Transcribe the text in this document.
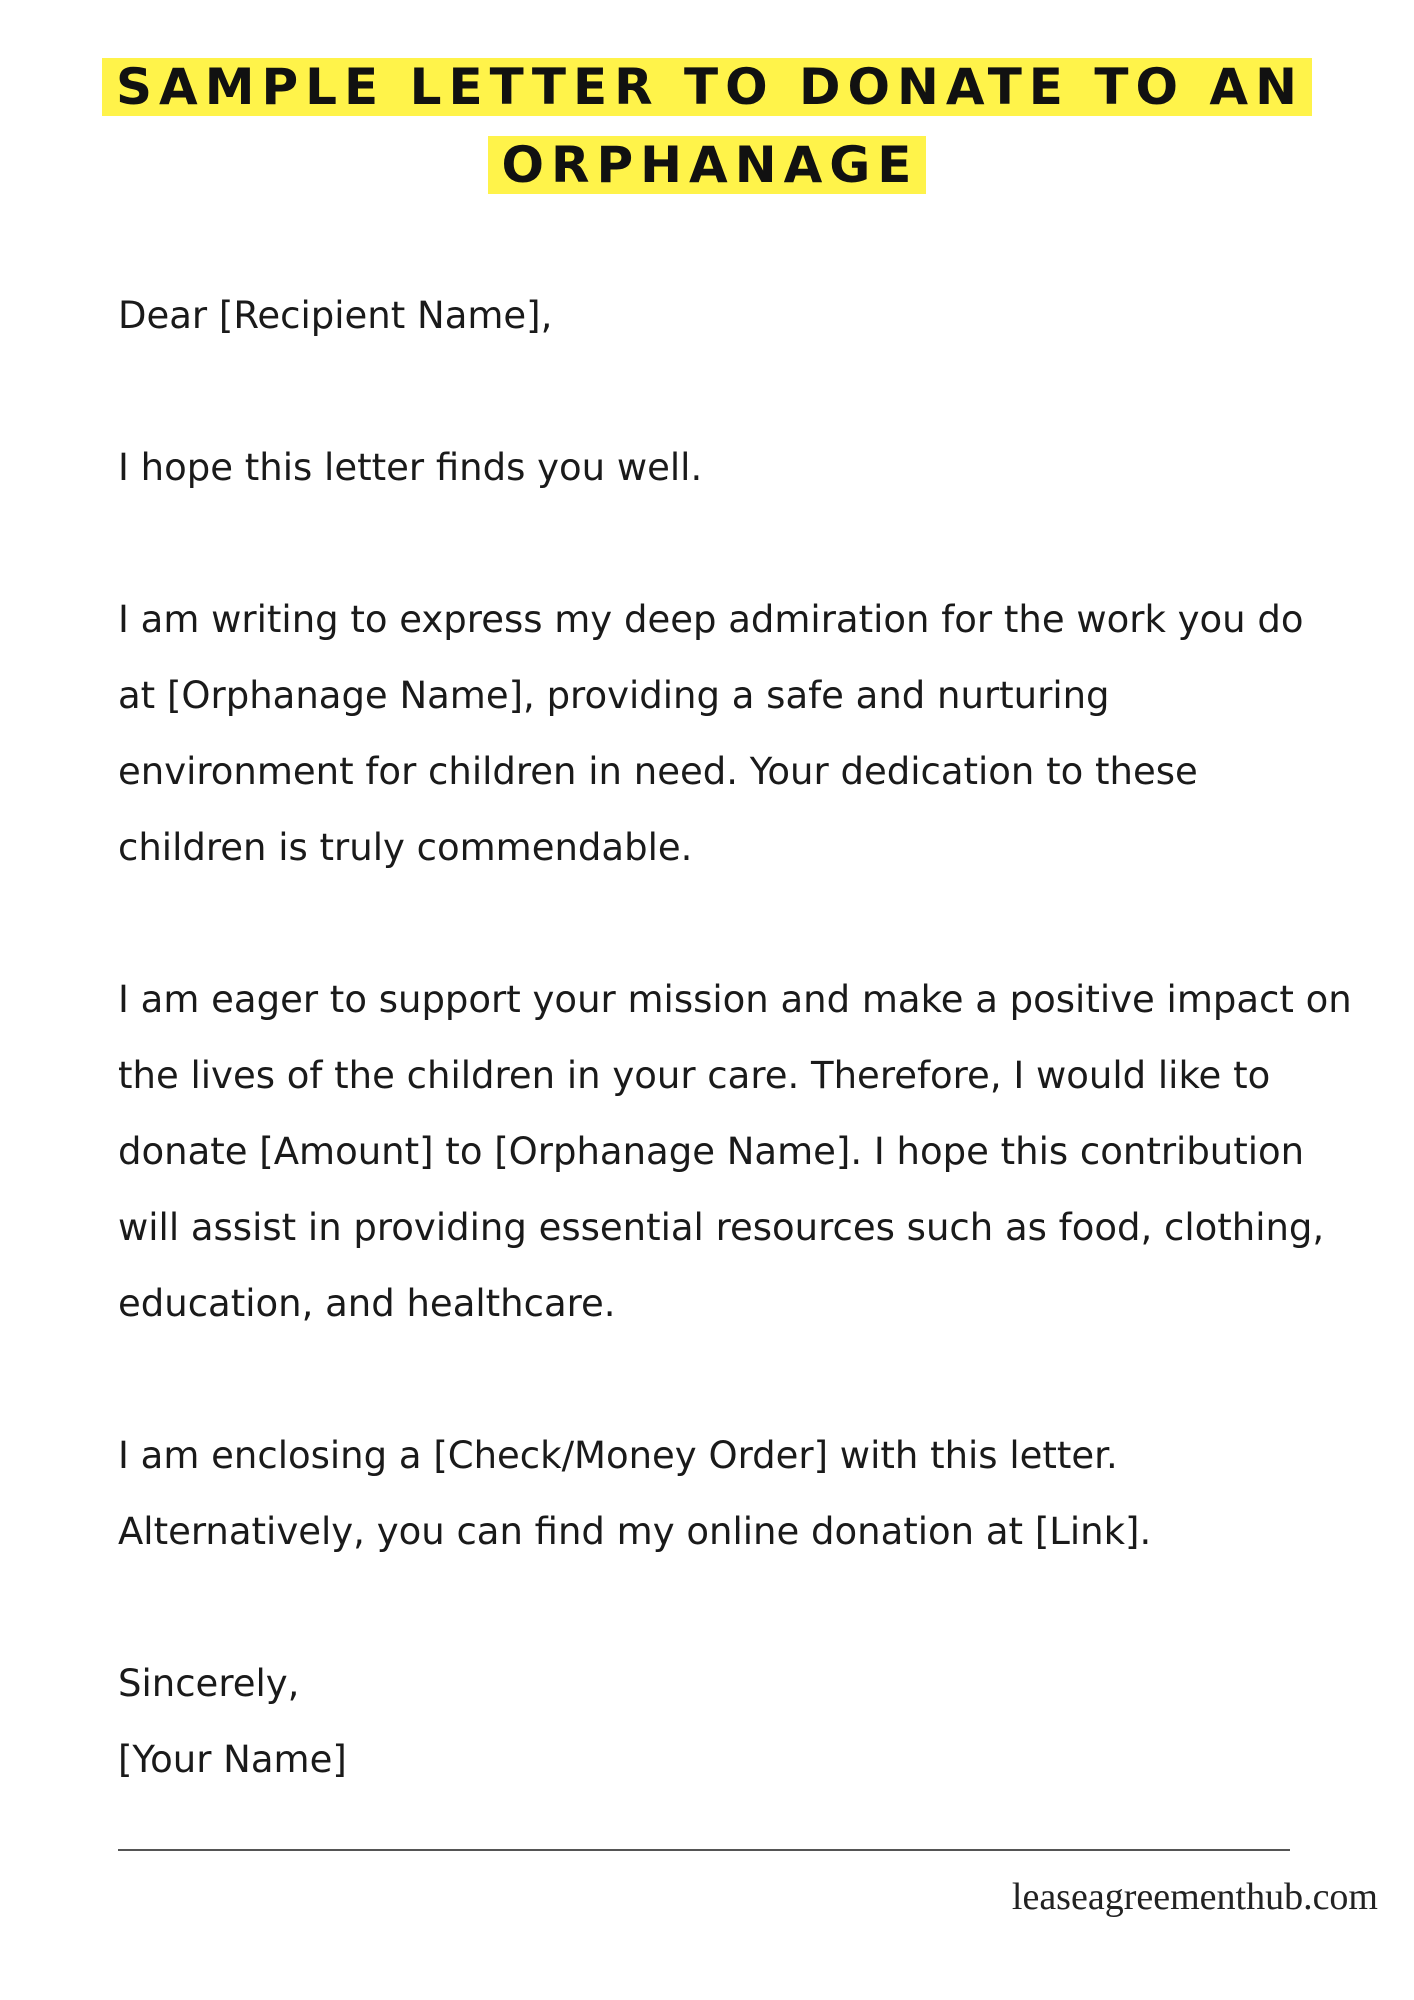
SAMPLE LETTER TO DONATE TO AN
ORPHANAGE

Dear [Recipient Name],

I hope this letter finds you well.

I am writing to express my deep admiration for the work you do at [Orphanage Name], providing a safe and nurturing environment for children in need. Your dedication to these children is truly commendable.

I am eager to support your mission and make a positive impact on the lives of the children in your care. Therefore, I would like to donate [Amount] to [Orphanage Name]. I hope this contribution will assist in providing essential resources such as food, clothing, education, and healthcare.

I am enclosing a [Check/Money Order] with this letter. Alternatively, you can find my online donation at [Link].

Sincerely,

[Your Name]

leaseagreementhub.com
